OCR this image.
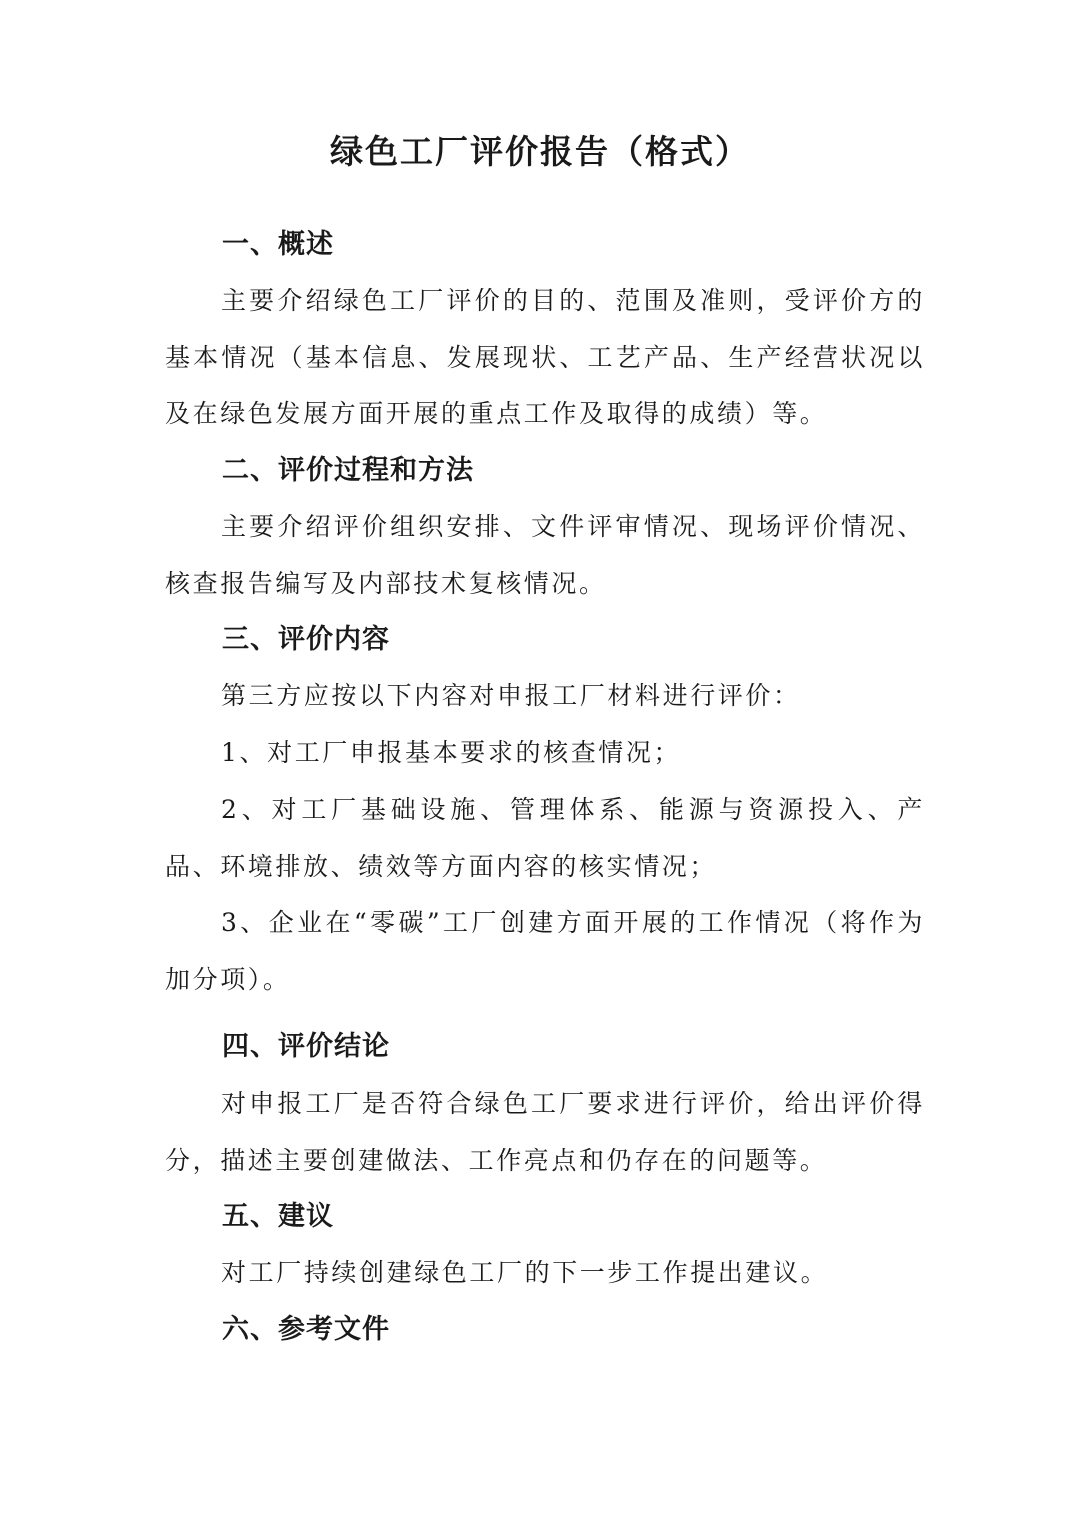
绿色工厂评价报告（格式）
一、概述

主要介绍绿色工厂评价的目的、范围及准则，受评价方的基本情况（基本信息、发展现状、工艺产品、生产经营状况以及在绿色发展方面开展的重点工作及取得的成绩）等。

二、评价过程和方法

主要介绍评价组织安排、文件评审情况、现场评价情况、核查报告编写及内部技术复核情况。

三、评价内容

第三方应按以下内容对申报工厂材料进行评价：

1、对工厂申报基本要求的核查情况；

2、对工厂基础设施、管理体系、能源与资源投入、产品、环境排放、绩效等方面内容的核实情况；

3、企业在“零碳”工厂创建方面开展的工作情况（将作为加分项）。

四、评价结论

对申报工厂是否符合绿色工厂要求进行评价，给出评价得分，描述主要创建做法、工作亮点和仍存在的问题等。

五、建议

对工厂持续创建绿色工厂的下一步工作提出建议。

六、参考文件
